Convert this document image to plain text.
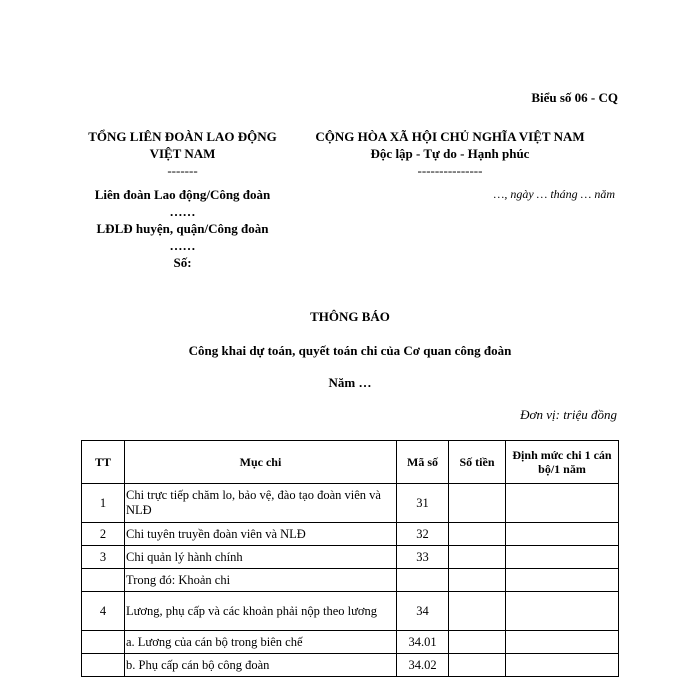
Biểu số 06 - CQ
TỔNG LIÊN ĐOÀN LAO ĐỘNG
VIỆT NAM
-------
Liên đoàn Lao động/Công đoàn
……
LĐLĐ huyện, quận/Công đoàn
……
Số:
CỘNG HÒA XÃ HỘI CHỦ NGHĨA VIỆT NAM
Độc lập - Tự do - Hạnh phúc
---------------
…, ngày … tháng … năm
THÔNG BÁO
Công khai dự toán, quyết toán chi của Cơ quan công đoàn
Năm …
Đơn vị: triệu đồng
TT	Mục chi	Mã số	Số tiền	Định mức chi 1 cán bộ/1 năm
1	Chi trực tiếp chăm lo, bảo vệ, đào tạo đoàn viên và NLĐ	31		
2	Chi tuyên truyền đoàn viên và NLĐ	32		
3	Chi quản lý hành chính	33		
	Trong đó: Khoản chi			
4	Lương, phụ cấp và các khoản phải nộp theo lương	34		
	a. Lương của cán bộ trong biên chế	34.01		
	b. Phụ cấp cán bộ công đoàn	34.02		
